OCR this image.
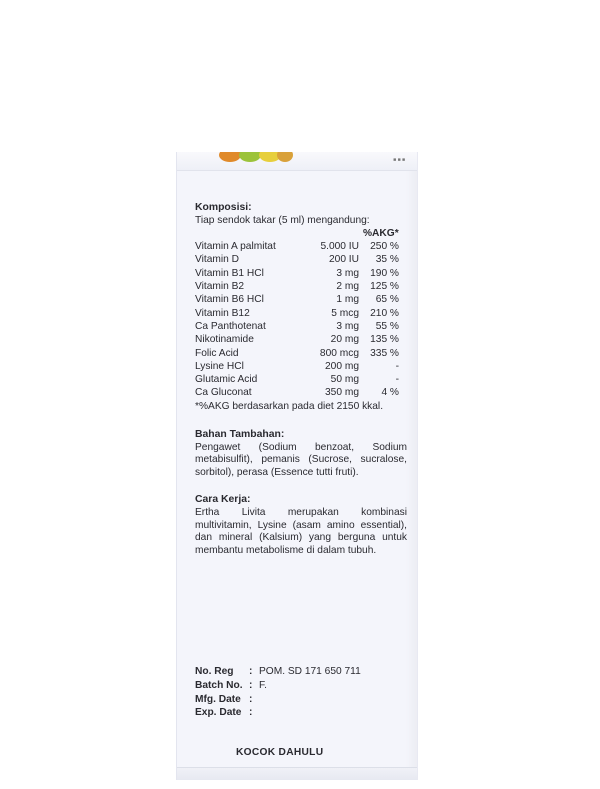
■ ■ ■
Komposisi:
Tiap sendok takar (5 ml) mengandung:
%AKG*
Vitamin A palmitat	5.000 IU	250 %
Vitamin D	200 IU	35 %
Vitamin B1 HCl	3 mg	190 %
Vitamin B2	2 mg	125 %
Vitamin B6 HCl	1 mg	65 %
Vitamin B12	5 mcg	210 %
Ca Panthotenat	3 mg	55 %
Nikotinamide	20 mg	135 %
Folic Acid	800 mcg	335 %
Lysine HCl	200 mg	-
Glutamic Acid	50 mg	-
Ca Gluconat	350 mg	4 %
*%AKG berdasarkan pada diet 2150 kkal.
Bahan Tambahan:
Pengawet (Sodium benzoat, Sodium metabisulfit), pemanis (Sucrose, sucralose, sorbitol), perasa (Essence tutti fruti).
Cara Kerja:
Ertha Livita merupakan kombinasi multivitamin, Lysine (asam amino essential), dan mineral (Kalsium) yang berguna untuk membantu metabolisme di dalam tubuh.
No. Reg	: POM. SD 171 650 711
Batch No. : F.
Mfg. Date :
Exp. Date :
KOCOK DAHULU
